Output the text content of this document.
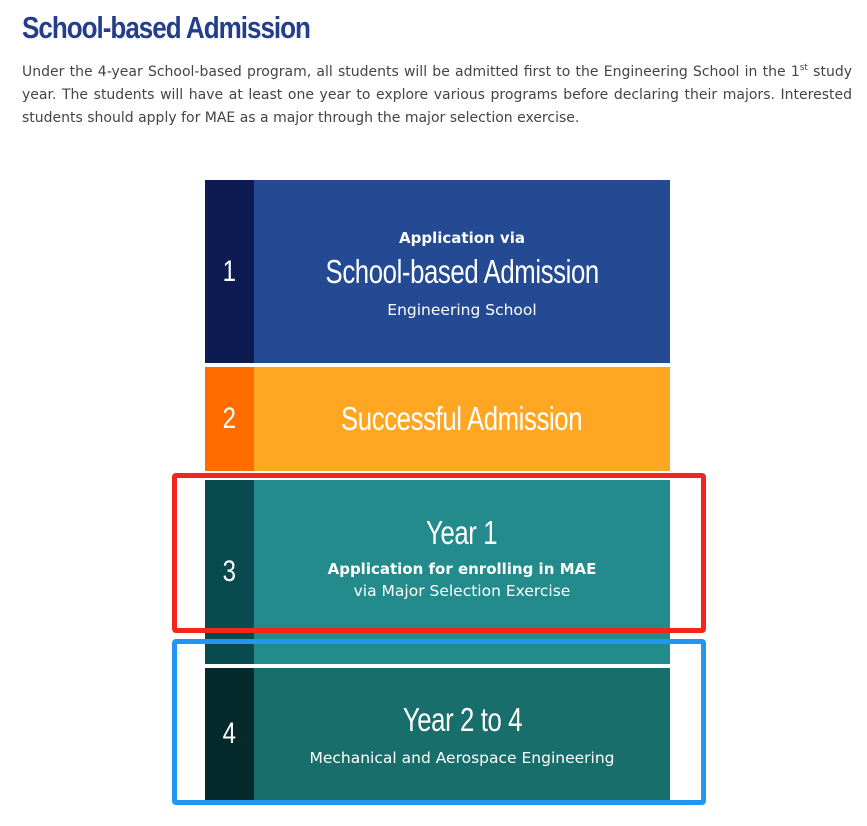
School-based Admission

Under the 4-year School-based program, all students will be admitted first to the Engineering School in the 1st study year. The students will have at least one year to explore various programs before declaring their majors. Interested students should apply for MAE as a major through the major selection exercise.

1
Application via
School-based Admission
Engineering School
2	Successful Admission
3
Year 1
Application for enrolling in MAE
via Major Selection Exercise
4	Year 2 to 4
Mechanical and Aerospace Engineering
